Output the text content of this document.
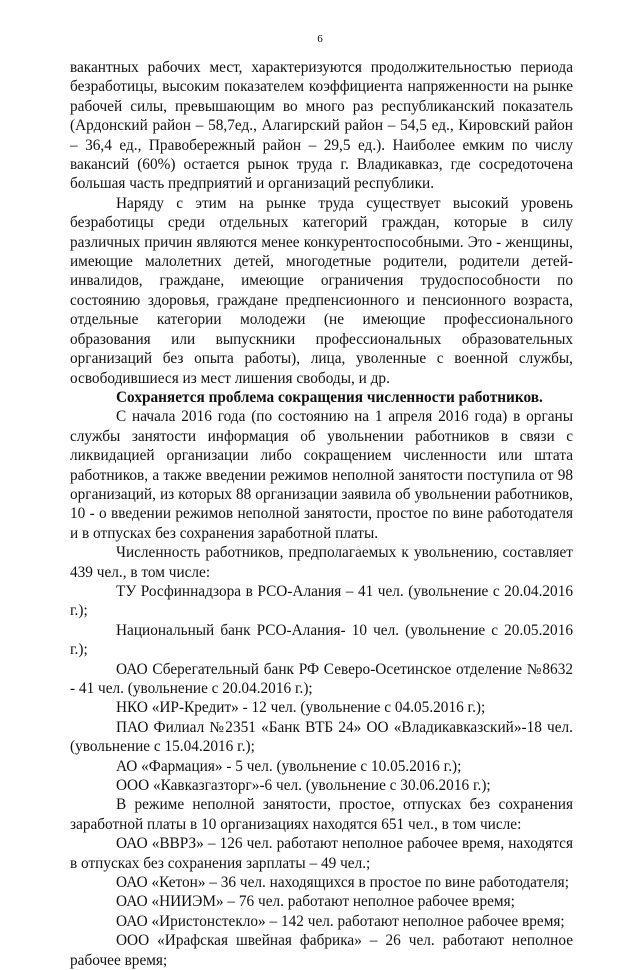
6

вакантных рабочих мест, характеризуются продолжительностью периода безработицы, высоким показателем коэффициента напряженности на рынке рабочей силы, превышающим во много раз республиканский показатель (Ардонский район – 58,7ед., Алагирский район – 54,5 ед., Кировский район – 36,4 ед., Правобережный район – 29,5 ед.). Наиболее емким по числу вакансий (60%) остается рынок труда г. Владикавказ, где сосредоточена большая часть предприятий и организаций республики.

Наряду с этим на рынке труда существует высокий уровень безработицы среди отдельных категорий граждан, которые в силу различных причин являются менее конкурентоспособными. Это - женщины, имеющие малолетних детей, многодетные родители, родители детей-инвалидов, граждане, имеющие ограничения трудоспособности по состоянию здоровья, граждане предпенсионного и пенсионного возраста, отдельные категории молодежи (не имеющие профессионального образования или выпускники профессиональных образовательных организаций без опыта работы), лица, уволенные с военной службы, освободившиеся из мест лишения свободы, и др.

Сохраняется проблема сокращения численности работников.

С начала 2016 года (по состоянию на 1 апреля 2016 года) в органы службы занятости информация об увольнении работников в связи с ликвидацией организации либо сокращением численности или штата работников, а также введении режимов неполной занятости поступила от 98 организаций, из которых 88 организации заявила об увольнении работников, 10 - о введении режимов неполной занятости, простое по вине работодателя и в отпусках без сохранения заработной платы.

Численность работников, предполагаемых к увольнению, составляет 439 чел., в том числе:

ТУ Росфиннадзора в РСО-Алания – 41 чел. (увольнение с 20.04.2016 г.);

Национальный банк РСО-Алания- 10 чел. (увольнение с 20.05.2016 г.);

ОАО Сберегательный банк РФ Северо-Осетинское отделение №8632 - 41 чел. (увольнение с 20.04.2016 г.);

НКО «ИР-Кредит» - 12 чел. (увольнение с 04.05.2016 г.);

ПАО Филиал №2351 «Банк ВТБ 24» ОО «Владикавказский»-18 чел. (увольнение с 15.04.2016 г.);

АО «Фармация» - 5 чел. (увольнение с 10.05.2016 г.);

ООО «Кавказгазторг»-6 чел. (увольнение с 30.06.2016 г.);

В режиме неполной занятости, простое, отпусках без сохранения заработной платы в 10 организациях находятся 651 чел., в том числе:

ОАО «ВВРЗ» – 126 чел. работают неполное рабочее время, находятся в отпусках без сохранения зарплаты – 49 чел.;

ОАО «Кетон» – 36 чел. находящихся в простое по вине работодателя;

ОАО «НИИЭМ» – 76 чел. работают неполное рабочее время;

ОАО «Иристонстекло» – 142 чел. работают неполное рабочее время;

ООО «Ирафская швейная фабрика» – 26 чел. работают неполное рабочее время;
